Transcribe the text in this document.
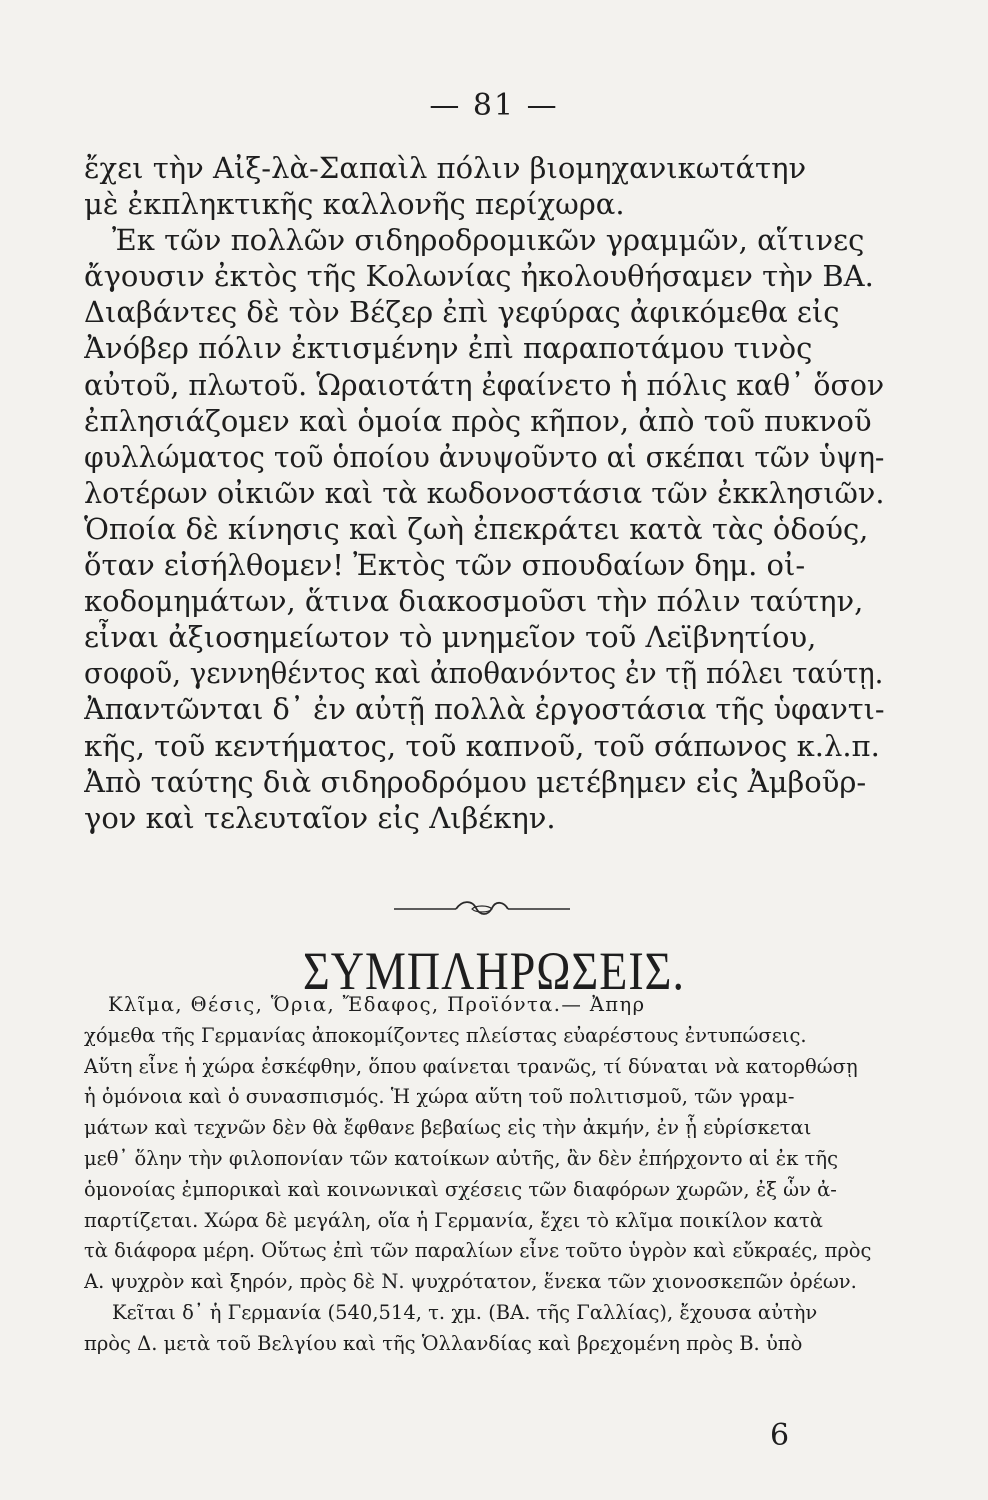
— 81 —
ἔχει τὴν Αἰξ-λὰ-Σαπαὶλ πόλιν βιομηχανικωτάτην
μὲ ἐκπληκτικῆς καλλονῆς περίχωρα.
Ἐκ τῶν πολλῶν σιδηροδρομικῶν γραμμῶν, αἵτινες
ἄγουσιν ἐκτὸς τῆς Κολωνίας ἠκολουθήσαμεν τὴν ΒΑ.
Διαβάντες δὲ τὸν Βέζερ ἐπὶ γεφύρας ἀφικόμεθα εἰς
Ἀνόβερ πόλιν ἐκτισμένην ἐπὶ παραποτάμου τινὸς
αὐτοῦ, πλωτοῦ. Ὡραιοτάτη ἐφαίνετο ἡ πόλις καθ᾽ ὅσον
ἐπλησιάζομεν καὶ ὁμοία πρὸς κῆπον, ἀπὸ τοῦ πυκνοῦ
φυλλώματος τοῦ ὁποίου ἀνυψοῦντο αἱ σκέπαι τῶν ὑψη-
λοτέρων οἰκιῶν καὶ τὰ κωδονοστάσια τῶν ἐκκλησιῶν.
Ὁποία δὲ κίνησις καὶ ζωὴ ἐπεκράτει κατὰ τὰς ὁδούς,
ὅταν εἰσήλθομεν! Ἐκτὸς τῶν σπουδαίων δημ. οἰ-
κοδομημάτων, ἅτινα διακοσμοῦσι τὴν πόλιν ταύτην,
εἶναι ἀξιοσημείωτον τὸ μνημεῖον τοῦ Λεϊβνητίου,
σοφοῦ, γεννηθέντος καὶ ἀποθανόντος ἐν τῇ πόλει ταύτῃ.
Ἀπαντῶνται δ᾽ ἐν αὐτῇ πολλὰ ἐργοστάσια τῆς ὑφαντι-
κῆς, τοῦ κεντήματος, τοῦ καπνοῦ, τοῦ σάπωνος κ.λ.π.
Ἀπὸ ταύτης διὰ σιδηροδρόμου μετέβημεν εἰς Ἀμβοῦρ-
γον καὶ τελευταῖον εἰς Λιβέκην.
ΣΥΜΠΛΗΡΩΣΕΙΣ.
Κλῖμα, Θέσις, Ὅρια, Ἔδαφος, Προϊόντα.— Ἀπηρ
χόμεθα τῆς Γερμανίας ἀποκομίζοντες πλείστας εὐαρέστους ἐντυπώσεις.
Αὕτη εἶνε ἡ χώρα ἐσκέφθην, ὅπου φαίνεται τρανῶς, τί δύναται νὰ κατορθώσῃ
ἡ ὁμόνοια καὶ ὁ συνασπισμός. Ἡ χώρα αὕτη τοῦ πολιτισμοῦ, τῶν γραμ-
μάτων καὶ τεχνῶν δὲν θὰ ἔφθανε βεβαίως εἰς τὴν ἀκμήν, ἐν ᾗ εὑρίσκεται
μεθ᾽ ὅλην τὴν φιλοπονίαν τῶν κατοίκων αὐτῆς, ἂν δὲν ἐπήρχοντο αἱ ἐκ τῆς
ὁμονοίας ἐμπορικαὶ καὶ κοινωνικαὶ σχέσεις τῶν διαφόρων χωρῶν, ἐξ ὧν ἀ-
παρτίζεται. Χώρα δὲ μεγάλη, οἵα ἡ Γερμανία, ἔχει τὸ κλῖμα ποικίλον κατὰ
τὰ διάφορα μέρη. Οὕτως ἐπὶ τῶν παραλίων εἶνε τοῦτο ὑγρὸν καὶ εὔκραές, πρὸς
Α. ψυχρὸν καὶ ξηρόν, πρὸς δὲ Ν. ψυχρότατον, ἕνεκα τῶν χιονοσκεπῶν ὀρέων.
Κεῖται δ᾽ ἡ Γερμανία (540,514, τ. χμ. (ΒΑ. τῆς Γαλλίας), ἔχουσα αὐτὴν
πρὸς Δ. μετὰ τοῦ Βελγίου καὶ τῆς Ὁλλανδίας καὶ βρεχομένη πρὸς Β. ὑπὸ
6
